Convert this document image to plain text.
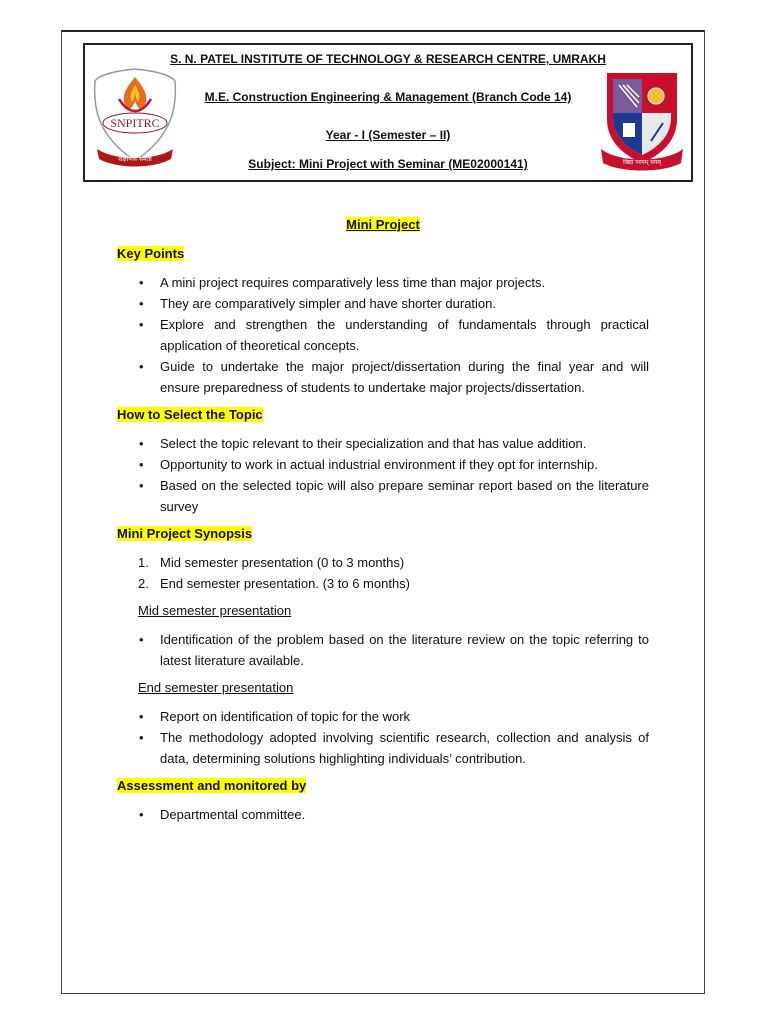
SNPITRC
शैक्षणिक समता
S. N. PATEL INSTITUTE OF TECHNOLOGY & RESEARCH CENTRE, UMRAKH
M.E. Construction Engineering & Management (Branch Code 14)
Year - I (Semester – II)
Subject: Mini Project with Seminar (ME02000141)	विद्या परमम् धनम्
Mini Project
Key Points
• A mini project requires comparatively less time than major projects.
• They are comparatively simpler and have shorter duration.
• Explore and strengthen the understanding of fundamentals through practical application of theoretical concepts.
• Guide to undertake the major project/dissertation during the final year and will ensure preparedness of students to undertake major projects/dissertation.
How to Select the Topic
• Select the topic relevant to their specialization and that has value addition.
• Opportunity to work in actual industrial environment if they opt for internship.
• Based on the selected topic will also prepare seminar report based on the literature survey
Mini Project Synopsis
1. Mid semester presentation (0 to 3 months)
2. End semester presentation. (3 to 6 months)
Mid semester presentation
• Identification of the problem based on the literature review on the topic referring to latest literature available.
End semester presentation
• Report on identification of topic for the work
• The methodology adopted involving scientific research, collection and analysis of data, determining solutions highlighting individuals’ contribution.
Assessment and monitored by
• Departmental committee.
